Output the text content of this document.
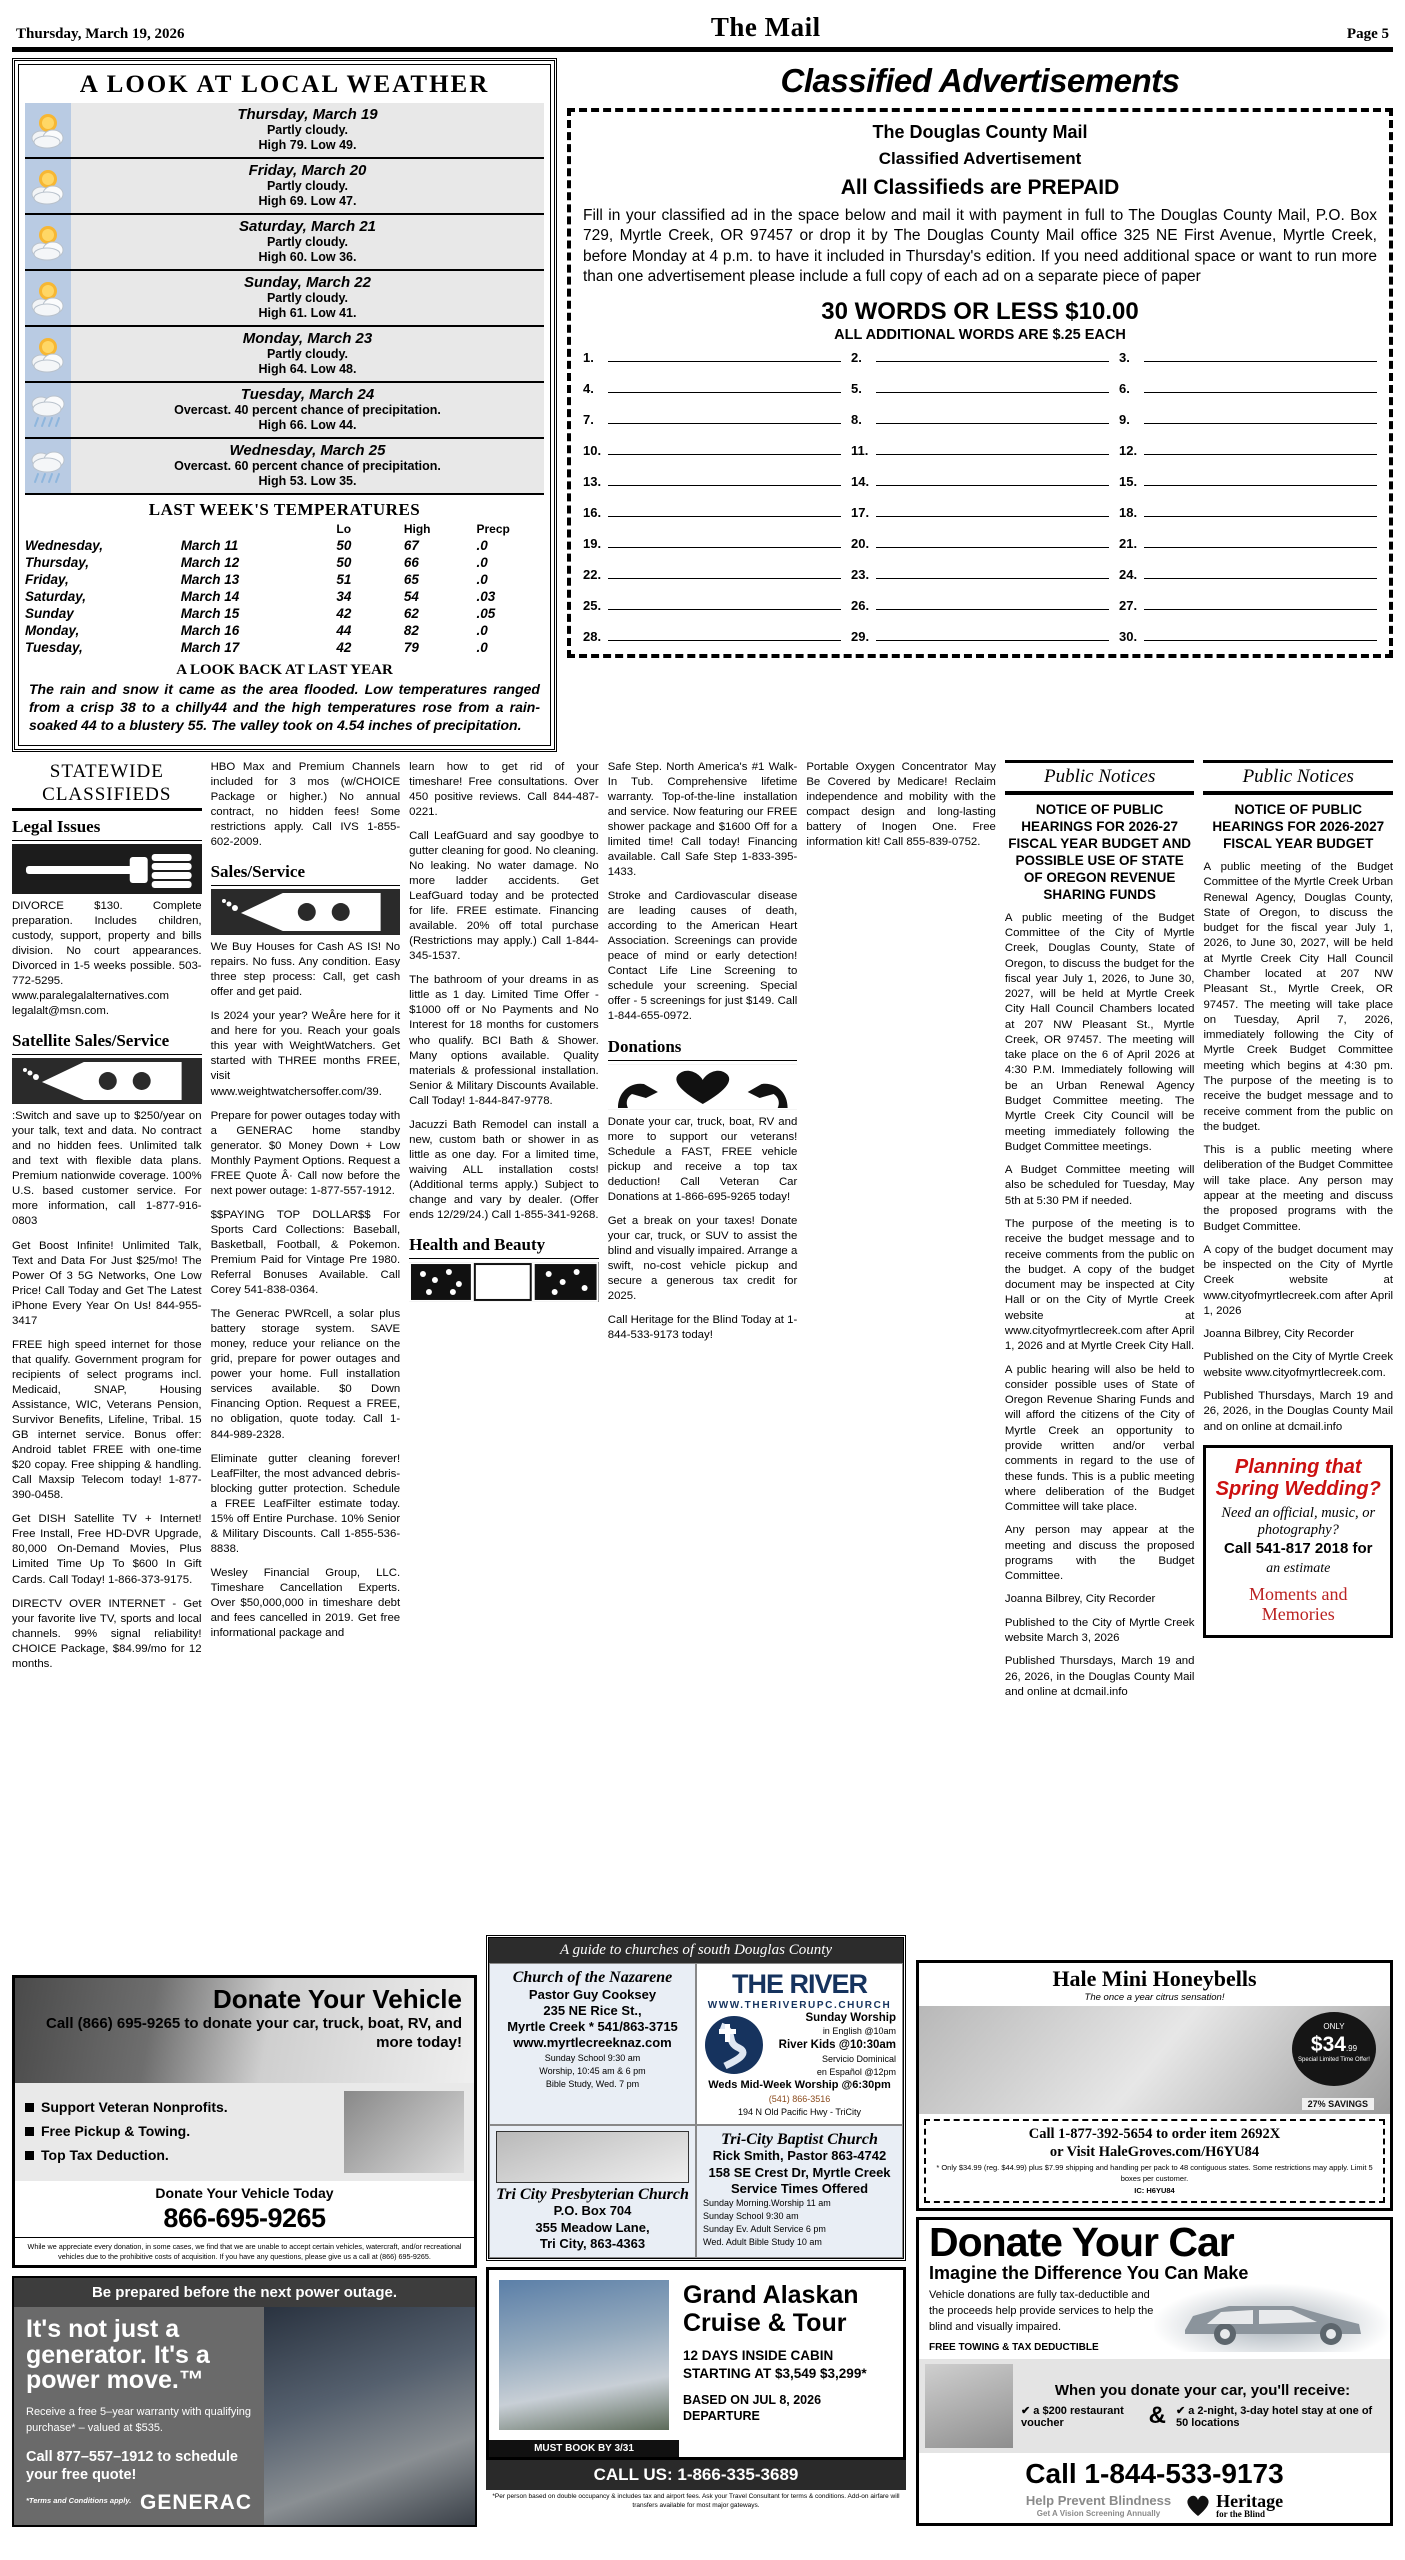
Thursday, March 19, 2026	The Mail	Page 5
A LOOK AT LOCAL WEATHER
Thursday, March 19
Partly cloudy.
High 79. Low 49.
Friday, March 20
Partly cloudy.
High 69. Low 47.
Saturday, March 21
Partly cloudy.
High 60. Low 36.
Sunday, March 22
Partly cloudy.
High 61. Low 41.
Monday, March 23
Partly cloudy.
High 64. Low 48.
Tuesday, March 24
Overcast. 40 percent chance of precipitation.
High 66. Low 44.
Wednesday, March 25
Overcast. 60 percent chance of precipitation.
High 53. Low 35.
LAST WEEK'S TEMPERATURES
		Lo	High	Precp
Wednesday,	March 11	50	67	.0
Thursday,	March 12	50	66	.0
Friday,	March 13	51	65	.0
Saturday,	March 14	34	54	.03
Sunday	March 15	42	62	.05
Monday,	March 16	44	82	.0
Tuesday,	March 17	42	79	.0
A LOOK BACK AT LAST YEAR
The rain and snow it came as the area flooded. Low temperatures ranged from a crisp 38 to a chilly44 and the high temperatures rose from a rain-soaked 44 to a blustery 55. The valley took on 4.54 inches of precipitation.
Classified Advertisements
The Douglas County Mail
Classified Advertisement
All Classifieds are PREPAID
Fill in your classified ad in the space below and mail it with payment in full to The Douglas County Mail, P.O. Box 729, Myrtle Creek, OR 97457 or drop it by The Douglas County Mail office 325 NE First Avenue, Myrtle Creek, before Monday at 4 p.m. to have it included in Thursday's edition. If you need additional space or want to run more than one advertisement please include a full copy of each ad on a separate piece of paper
30 WORDS OR LESS $10.00
ALL ADDITIONAL WORDS ARE $.25 EACH
1.	2.	3.
4.	5.	6.
7.	8.	9.
10.	11.	12.
13.	14.	15.
16.	17.	18.
19.	20.	21.
22.	23.	24.
25.	26.	27.
28.	29.	30.
STATEWIDE
CLASSIFIEDS
Legal Issues

DIVORCE $130. Complete preparation. Includes children, custody, support, property and bills division. No court appearances. Divorced in 1-5 weeks possible. 503-772-5295. www.paralegalalternatives.com legalalt@msn.com.

Satellite Sales/Service

:Switch and save up to $250/year on your talk, text and data. No contract and no hidden fees. Unlimited talk and text with flexible data plans. Premium nationwide coverage. 100% U.S. based customer service. For more information, call 1-877-916-0803

Get Boost Infinite! Unlimited Talk, Text and Data For Just $25/mo! The Power Of 3 5G Networks, One Low Price! Call Today and Get The Latest iPhone Every Year On Us! 844-955-3417

FREE high speed internet for those that qualify. Government program for recipients of select programs incl. Medicaid, SNAP, Housing Assistance, WIC, Veterans Pension, Survivor Benefits, Lifeline, Tribal. 15 GB internet service. Bonus offer: Android tablet FREE with one-time $20 copay. Free shipping & handling. Call Maxsip Telecom today! 1-877-390-0458.

Get DISH Satellite TV + Internet! Free Install, Free HD-DVR Upgrade, 80,000 On-Demand Movies, Plus Limited Time Up To $600 In Gift Cards. Call Today! 1-866-373-9175.

DIRECTV OVER INTERNET - Get your favorite live TV, sports and local channels. 99% signal reliability! CHOICE Package, $84.99/mo for 12 months.

HBO Max and Premium Channels included for 3 mos (w/CHOICE Package or higher.) No annual contract, no hidden fees! Some restrictions apply. Call IVS 1-855-602-2009.

Sales/Service

We Buy Houses for Cash AS IS! No repairs. No fuss. Any condition. Easy three step process: Call, get cash offer and get paid.

Is 2024 your year? WeÂre here for it and here for you. Reach your goals this year with WeightWatchers. Get started with THREE months FREE, visit www.weightwatchersoffer.com/39.

Prepare for power outages today with a GENERAC home standby generator. $0 Money Down + Low Monthly Payment Options. Request a FREE Quote Â· Call now before the next power outage: 1-877-557-1912.

$$PAYING TOP DOLLAR$$ For Sports Card Collections: Baseball, Basketball, Football, & Pokemon. Premium Paid for Vintage Pre 1980. Referral Bonuses Available. Call Corey 541-838-0364.

The Generac PWRcell, a solar plus battery storage system. SAVE money, reduce your reliance on the grid, prepare for power outages and power your home. Full installation services available. $0 Down Financing Option. Request a FREE, no obligation, quote today. Call 1-844-989-2328.

Eliminate gutter cleaning forever! LeafFilter, the most advanced debris-blocking gutter protection. Schedule a FREE LeafFilter estimate today. 15% off Entire Purchase. 10% Senior & Military Discounts. Call 1-855-536-8838.

Wesley Financial Group, LLC. Timeshare Cancellation Experts. Over $50,000,000 in timeshare debt and fees cancelled in 2019. Get free informational package and

learn how to get rid of your timeshare! Free consultations. Over 450 positive reviews. Call 844-487-0221.

Call LeafGuard and say goodbye to gutter cleaning for good. No cleaning. No leaking. No water damage. No more ladder accidents. Get LeafGuard today and be protected for life. FREE estimate. Financing available. 20% off total purchase (Restrictions may apply.) Call 1-844-345-1537.

The bathroom of your dreams in as little as 1 day. Limited Time Offer - $1000 off or No Payments and No Interest for 18 months for customers who qualify. BCI Bath & Shower. Many options available. Quality materials & professional installation. Senior & Military Discounts Available. Call Today! 1-844-847-9778.

Jacuzzi Bath Remodel can install a new, custom bath or shower in as little as one day. For a limited time, waiving ALL installation costs! (Additional terms apply.) Subject to change and vary by dealer. (Offer ends 12/29/24.) Call 1-855-341-9268.

Health and Beauty

Safe Step. North America's #1 Walk-In Tub. Comprehensive lifetime warranty. Top-of-the-line installation and service. Now featuring our FREE shower package and $1600 Off for a limited time! Call today! Financing available. Call Safe Step 1-833-395-1433.

Stroke and Cardiovascular disease are leading causes of death, according to the American Heart Association. Screenings can provide peace of mind or early detection! Contact Life Line Screening to schedule your screening. Special offer - 5 screenings for just $149. Call 1-844-655-0972.

Donations

Donate your car, truck, boat, RV and more to support our veterans! Schedule a FAST, FREE vehicle pickup and receive a top tax deduction! Call Veteran Car Donations at 1-866-695-9265 today!

Get a break on your taxes! Donate your car, truck, or SUV to assist the blind and visually impaired. Arrange a swift, no-cost vehicle pickup and secure a generous tax credit for 2025.

Call Heritage for the Blind Today at 1-844-533-9173 today!

Portable Oxygen Concentrator May Be Covered by Medicare! Reclaim independence and mobility with the compact design and long-lasting battery of Inogen One. Free information kit! Call 855-839-0752.

Public Notices
NOTICE OF PUBLIC HEARINGS FOR 2026-27 FISCAL YEAR BUDGET AND POSSIBLE USE OF STATE OF OREGON REVENUE SHARING FUNDS

A public meeting of the Budget Committee of the City of Myrtle Creek, Douglas County, State of Oregon, to discuss the budget for the fiscal year July 1, 2026, to June 30, 2027, will be held at Myrtle Creek City Hall Council Chambers located at 207 NW Pleasant St., Myrtle Creek, OR 97457. The meeting will take place on the 6 of April 2026 at 4:30 P.M. Immediately following will be an Urban Renewal Agency Budget Committee meeting. The Myrtle Creek City Council will be meeting immediately following the Budget Committee meetings.

A Budget Committee meeting will also be scheduled for Tuesday, May 5th at 5:30 PM if needed.

The purpose of the meeting is to receive the budget message and to receive comments from the public on the budget. A copy of the budget document may be inspected at City Hall or on the City of Myrtle Creek website at www.cityofmyrtlecreek.com after April 1, 2026 and at Myrtle Creek City Hall.

A public hearing will also be held to consider possible uses of State of Oregon Revenue Sharing Funds and will afford the citizens of the City of Myrtle Creek an opportunity to provide written and/or verbal comments in regard to the use of these funds. This is a public meeting where deliberation of the Budget Committee will take place.

Any person may appear at the meeting and discuss the proposed programs with the Budget Committee.

Joanna Bilbrey, City Recorder

Published to the City of Myrtle Creek website March 3, 2026

Published Thursdays, March 19 and 26, 2026, in the Douglas County Mail and online at dcmail.info

Public Notices
NOTICE OF PUBLIC HEARINGS FOR 2026-2027 FISCAL YEAR BUDGET

A public meeting of the Budget Committee of the Myrtle Creek Urban Renewal Agency, Douglas County, State of Oregon, to discuss the budget for the fiscal year July 1, 2026, to June 30, 2027, will be held at Myrtle Creek City Hall Council Chamber located at 207 NW Pleasant St., Myrtle Creek, OR 97457. The meeting will take place on Tuesday, April 7, 2026, immediately following the City of Myrtle Creek Budget Committee meeting which begins at 4:30 pm. The purpose of the meeting is to receive the budget message and to receive comment from the public on the budget.

This is a public meeting where deliberation of the Budget Committee will take place. Any person may appear at the meeting and discuss the proposed programs with the Budget Committee.

A copy of the budget document may be inspected on the City of Myrtle Creek website at www.cityofmyrtlecreek.com after April 1, 2026

Joanna Bilbrey, City Recorder

Published on the City of Myrtle Creek website www.cityofmyrtlecreek.com.

Published Thursdays, March 19 and 26, 2026, in the Douglas County Mail and on online at dcmail.info

Planning that Spring Wedding?
Need an official, music, or photography?
Call 541-817 2018 for
an estimate
Moments and Memories
Donate Your Vehicle
Call (866) 695-9265 to donate your car, truck, boat, RV, and more today!
Support Veteran Nonprofits.
Free Pickup & Towing.
Top Tax Deduction.
Donate Your Vehicle Today
866-695-9265
While we appreciate every donation, in some cases, we find that we are unable to accept certain vehicles, watercraft, and/or recreational vehicles due to the prohibitive costs of acquisition. If you have any questions, please give us a call at (866) 695-9265.
Be prepared before the next power outage.
It's not just a generator. It's a power move.™
Receive a free 5–year warranty with qualifying purchase* – valued at $535.
Call 877–557–1912 to schedule your free quote!
*Terms and Conditions apply. GENERAC
A guide to churches of south Douglas County
Church of the Nazarene
Pastor Guy Cooksey
235 NE Rice St.,
Myrtle Creek * 541/863-3715
www.myrtlecreeknaz.com
Sunday School 9:30 am
Worship, 10:45 am & 6 pm
Bible Study, Wed. 7 pm
THE RIVER
WWW.THERIVERUPC.CHURCH
Sunday Worship
in English @10am
River Kids @10:30am
Servicio Dominical
en Español @12pm
Weds Mid-Week Worship @6:30pm
(541) 866-3516
194 N Old Pacific Hwy - TriCity
Tri City Presbyterian Church
P.O. Box 704
355 Meadow Lane,
Tri City, 863-4363
Tri-City Baptist Church
Rick Smith, Pastor 863-4742
158 SE Crest Dr, Myrtle Creek
Service Times Offered
Sunday Morning.Worship 11 am
Sunday School 9:30 am
Sunday Ev. Adult Service 6 pm
Wed. Adult Bible Study 10 am
MUST BOOK BY 3/31
Grand Alaskan Cruise & Tour
12 DAYS INSIDE CABIN STARTING AT $3,549 $3,299*
BASED ON JUL 8, 2026 DEPARTURE
CALL US: 1-866-335-3689
*Per person based on double occupancy & includes tax and airport fees. Ask your Travel Consultant for terms & conditions. Add-on airfare will transfers available for most major gateways.
Hale Mini Honeybells
The once a year citrus sensation!
ONLY
$34.99
Special Limited Time Offer!
27% SAVINGS
Call 1-877-392-5654 to order item 2692X
or Visit HaleGroves.com/H6YU84
* Only $34.99 (reg. $44.99) plus $7.99 shipping and handling per pack to 48 contiguous states. Some restrictions may apply. Limit 5 boxes per customer.
IC: H6YU84
Donate Your Car
Imagine the Difference You Can Make
Vehicle donations are fully tax-deductible and the proceeds help provide services to help the blind and visually impaired.
FREE TOWING & TAX DEDUCTIBLE
When you donate your car, you'll receive:
✔ a $200 restaurant voucher	& ✔ a 2-night, 3-day hotel stay at one of 50 locations
Call 1-844-533-9173
Help Prevent Blindness
Get A Vision Screening Annually
Heritage
for the Blind
